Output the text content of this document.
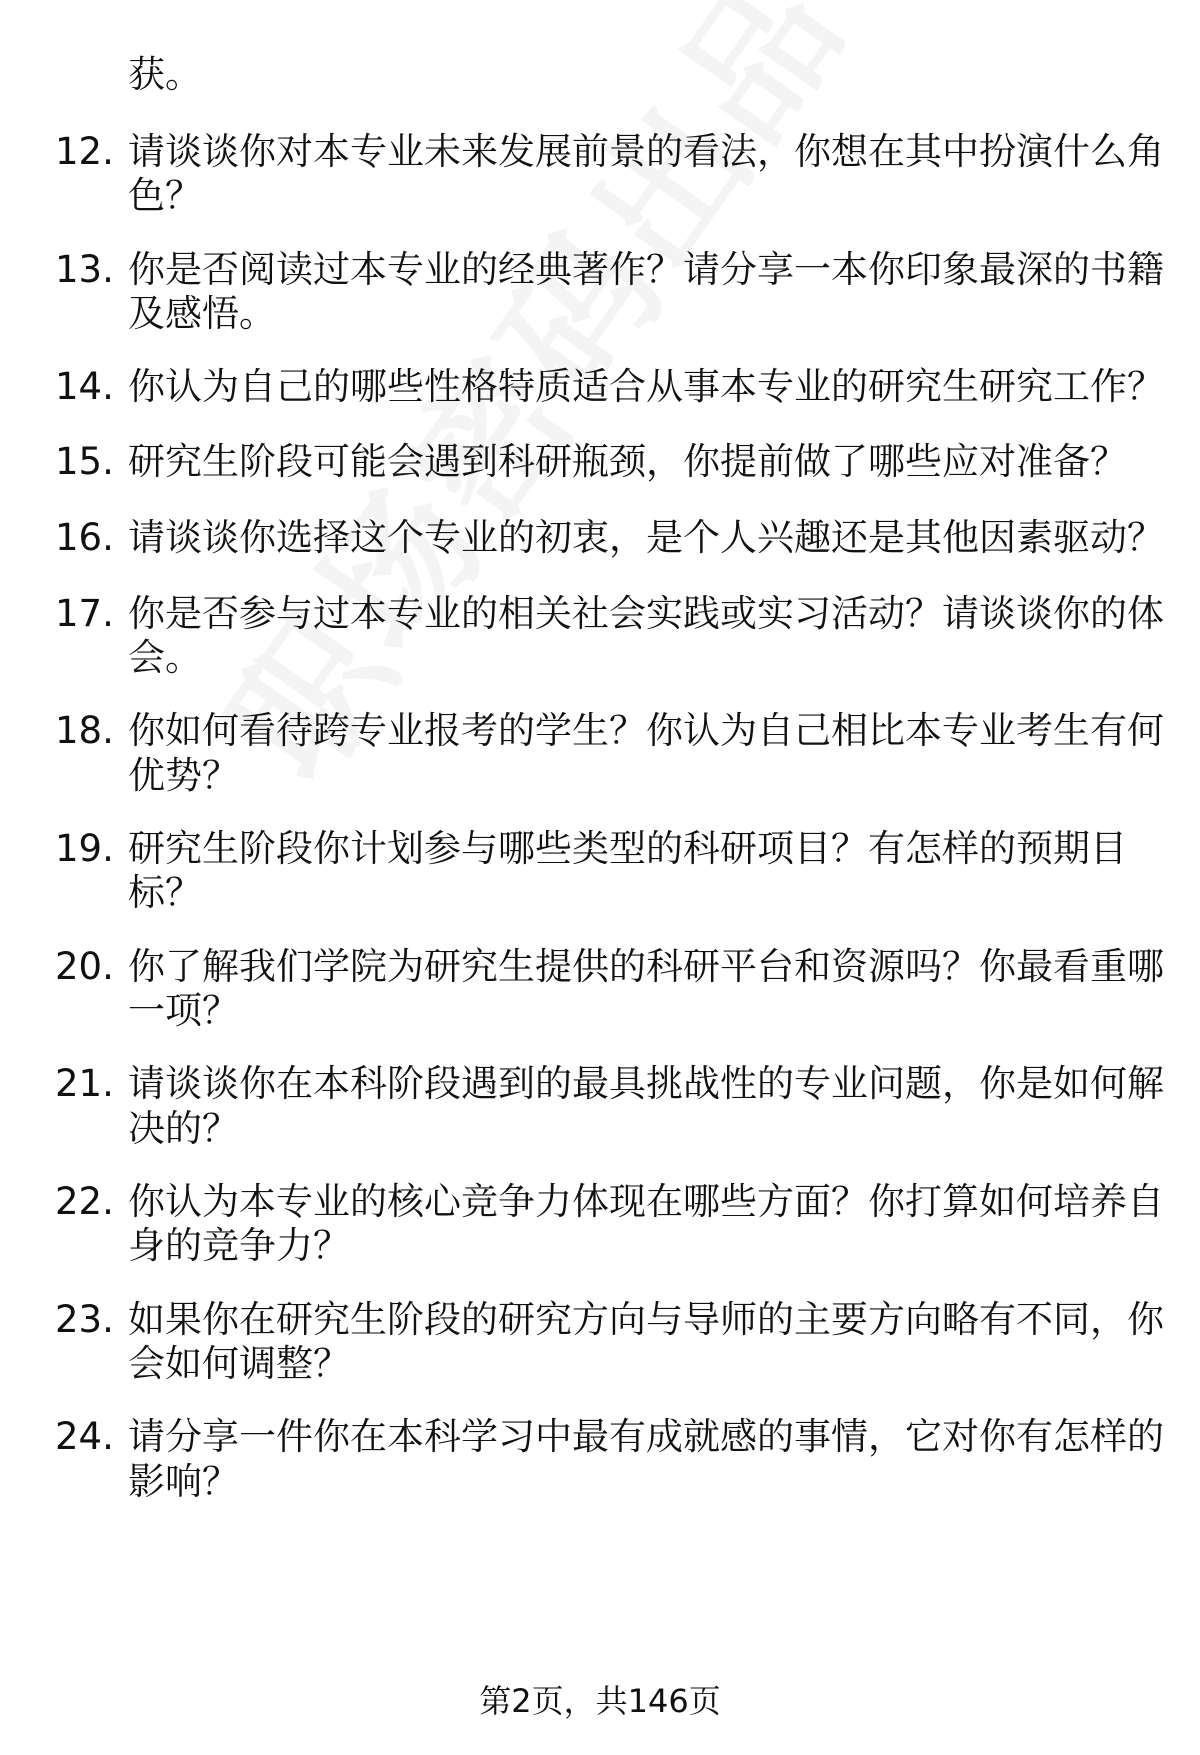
获。
12. 请谈谈你对本专业未来发展前景的看法，你想在其中扮演什么角
色？
13. 你是否阅读过本专业的经典著作？请分享一本你印象最深的书籍
及感悟。
14. 你认为自己的哪些性格特质适合从事本专业的研究生研究工作？
15. 研究生阶段可能会遇到科研瓶颈，你提前做了哪些应对准备？
16. 请谈谈你选择这个专业的初衷，是个人兴趣还是其他因素驱动？
17. 你是否参与过本专业的相关社会实践或实习活动？请谈谈你的体
会。
18. 你如何看待跨专业报考的学生？你认为自己相比本专业考生有何
优势？
19. 研究生阶段你计划参与哪些类型的科研项目？有怎样的预期目
标？
20. 你了解我们学院为研究生提供的科研平台和资源吗？你最看重哪
一项？
21. 请谈谈你在本科阶段遇到的最具挑战性的专业问题，你是如何解
决的？
22. 你认为本专业的核心竞争力体现在哪些方面？你打算如何培养自
身的竞争力？
23. 如果你在研究生阶段的研究方向与导师的主要方向略有不同，你
会如何调整？
24. 请分享一件你在本科学习中最有成就感的事情，它对你有怎样的
影响？
第2页，共146页
